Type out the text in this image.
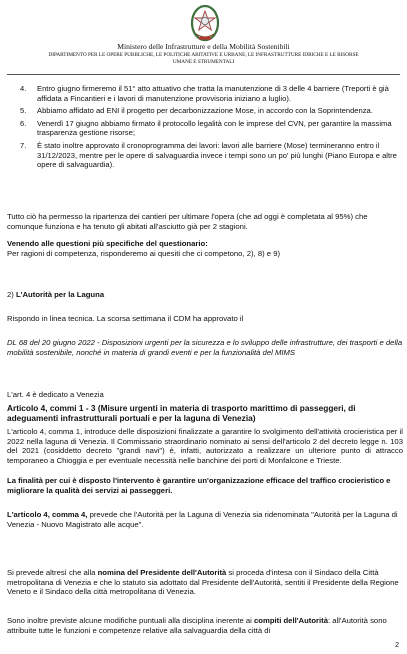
Ministero delle Infrastrutture e della Mobilità Sostenibili
DIPARTIMENTO PER LE OPERE PUBBLICHE, LE POLITICHE ABITATIVE E URBANE, LE INFRASTRUTTURE IDRICHE E LE RISORSE
UMANE E STRUMENTALI
4. Entro giugno firmeremo il 51° atto attuativo che tratta la manutenzione di 3 delle 4 barriere (Treporti è già affidata a Fincantieri e i lavori di manutenzione provvisoria iniziano a luglio).
5. Abbiamo affidato ad ENI il progetto per decarbonizzazione Mose, in accordo con la Soprintendenza.
6. Venerdì 17 giugno abbiamo firmato il protocollo legalità con le imprese del CVN, per garantire la massima trasparenza gestione risorse;
7. È stato inoltre approvato il cronoprogramma dei lavori: lavori alle barriere (Mose) termineranno entro il 31/12/2023, mentre per le opere di salvaguardia invece i tempi sono un po' più lunghi (Piano Europa e altre opere di salvaguardia).

Tutto ciò ha permesso la ripartenza dei cantieri per ultimare l'opera (che ad oggi è completata al 95%) che comunque funziona e ha tenuto gli abitati all'asciutto già per 2 stagioni.

Venendo alle questioni più specifiche del questionario:
Per ragioni di competenza, risponderemo ai quesiti che ci competono, 2), 8) e 9)

2) L'Autorità per la Laguna

Rispondo in linea tecnica. La scorsa settimana il CDM ha approvato il

DL 68 del 20 giugno 2022 - Disposizioni urgenti per la sicurezza e lo sviluppo delle infrastrutture, dei trasporti e della mobilità sostenibile, nonché in materia di grandi eventi e per la funzionalità del MIMS

L'art. 4 è dedicato a Venezia

Articolo 4, commi 1 - 3 (Misure urgenti in materia di trasporto marittimo di passeggeri, di adeguamenti infrastrutturali portuali e per la laguna di Venezia)

L'articolo 4, comma 1, introduce delle disposizioni finalizzate a garantire lo svolgimento dell'attività crocieristica per il 2022 nella laguna di Venezia. Il Commissario straordinario nominato ai sensi dell'articolo 2 del decreto legge n. 103 del 2021 (cosiddetto decreto "grandi navi") è, infatti, autorizzato a realizzare un ulteriore punto di attracco temporaneo a Chioggia e per eventuale necessità nelle banchine dei porti di Monfalcone e Trieste.

La finalità per cui è disposto l'intervento è garantire un'organizzazione efficace del traffico crocieristico e migliorare la qualità dei servizi ai passeggeri.

L'articolo 4, comma 4, prevede che l'Autorità per la Laguna di Venezia sia ridenominata "Autorità per la Laguna di Venezia - Nuovo Magistrato alle acque".

Si prevede altresì che alla nomina del Presidente dell'Autorità si proceda d'intesa con il Sindaco della Città metropolitana di Venezia e che lo statuto sia adottato dal Presidente dell'Autorità, sentiti il Presidente della Regione Veneto e il Sindaco della città metropolitana di Venezia.

Sono inoltre previste alcune modifiche puntuali alla disciplina inerente ai compiti dell'Autorità: all'Autorità sono attribuite tutte le funzioni e competenze relative alla salvaguardia della città di

2
